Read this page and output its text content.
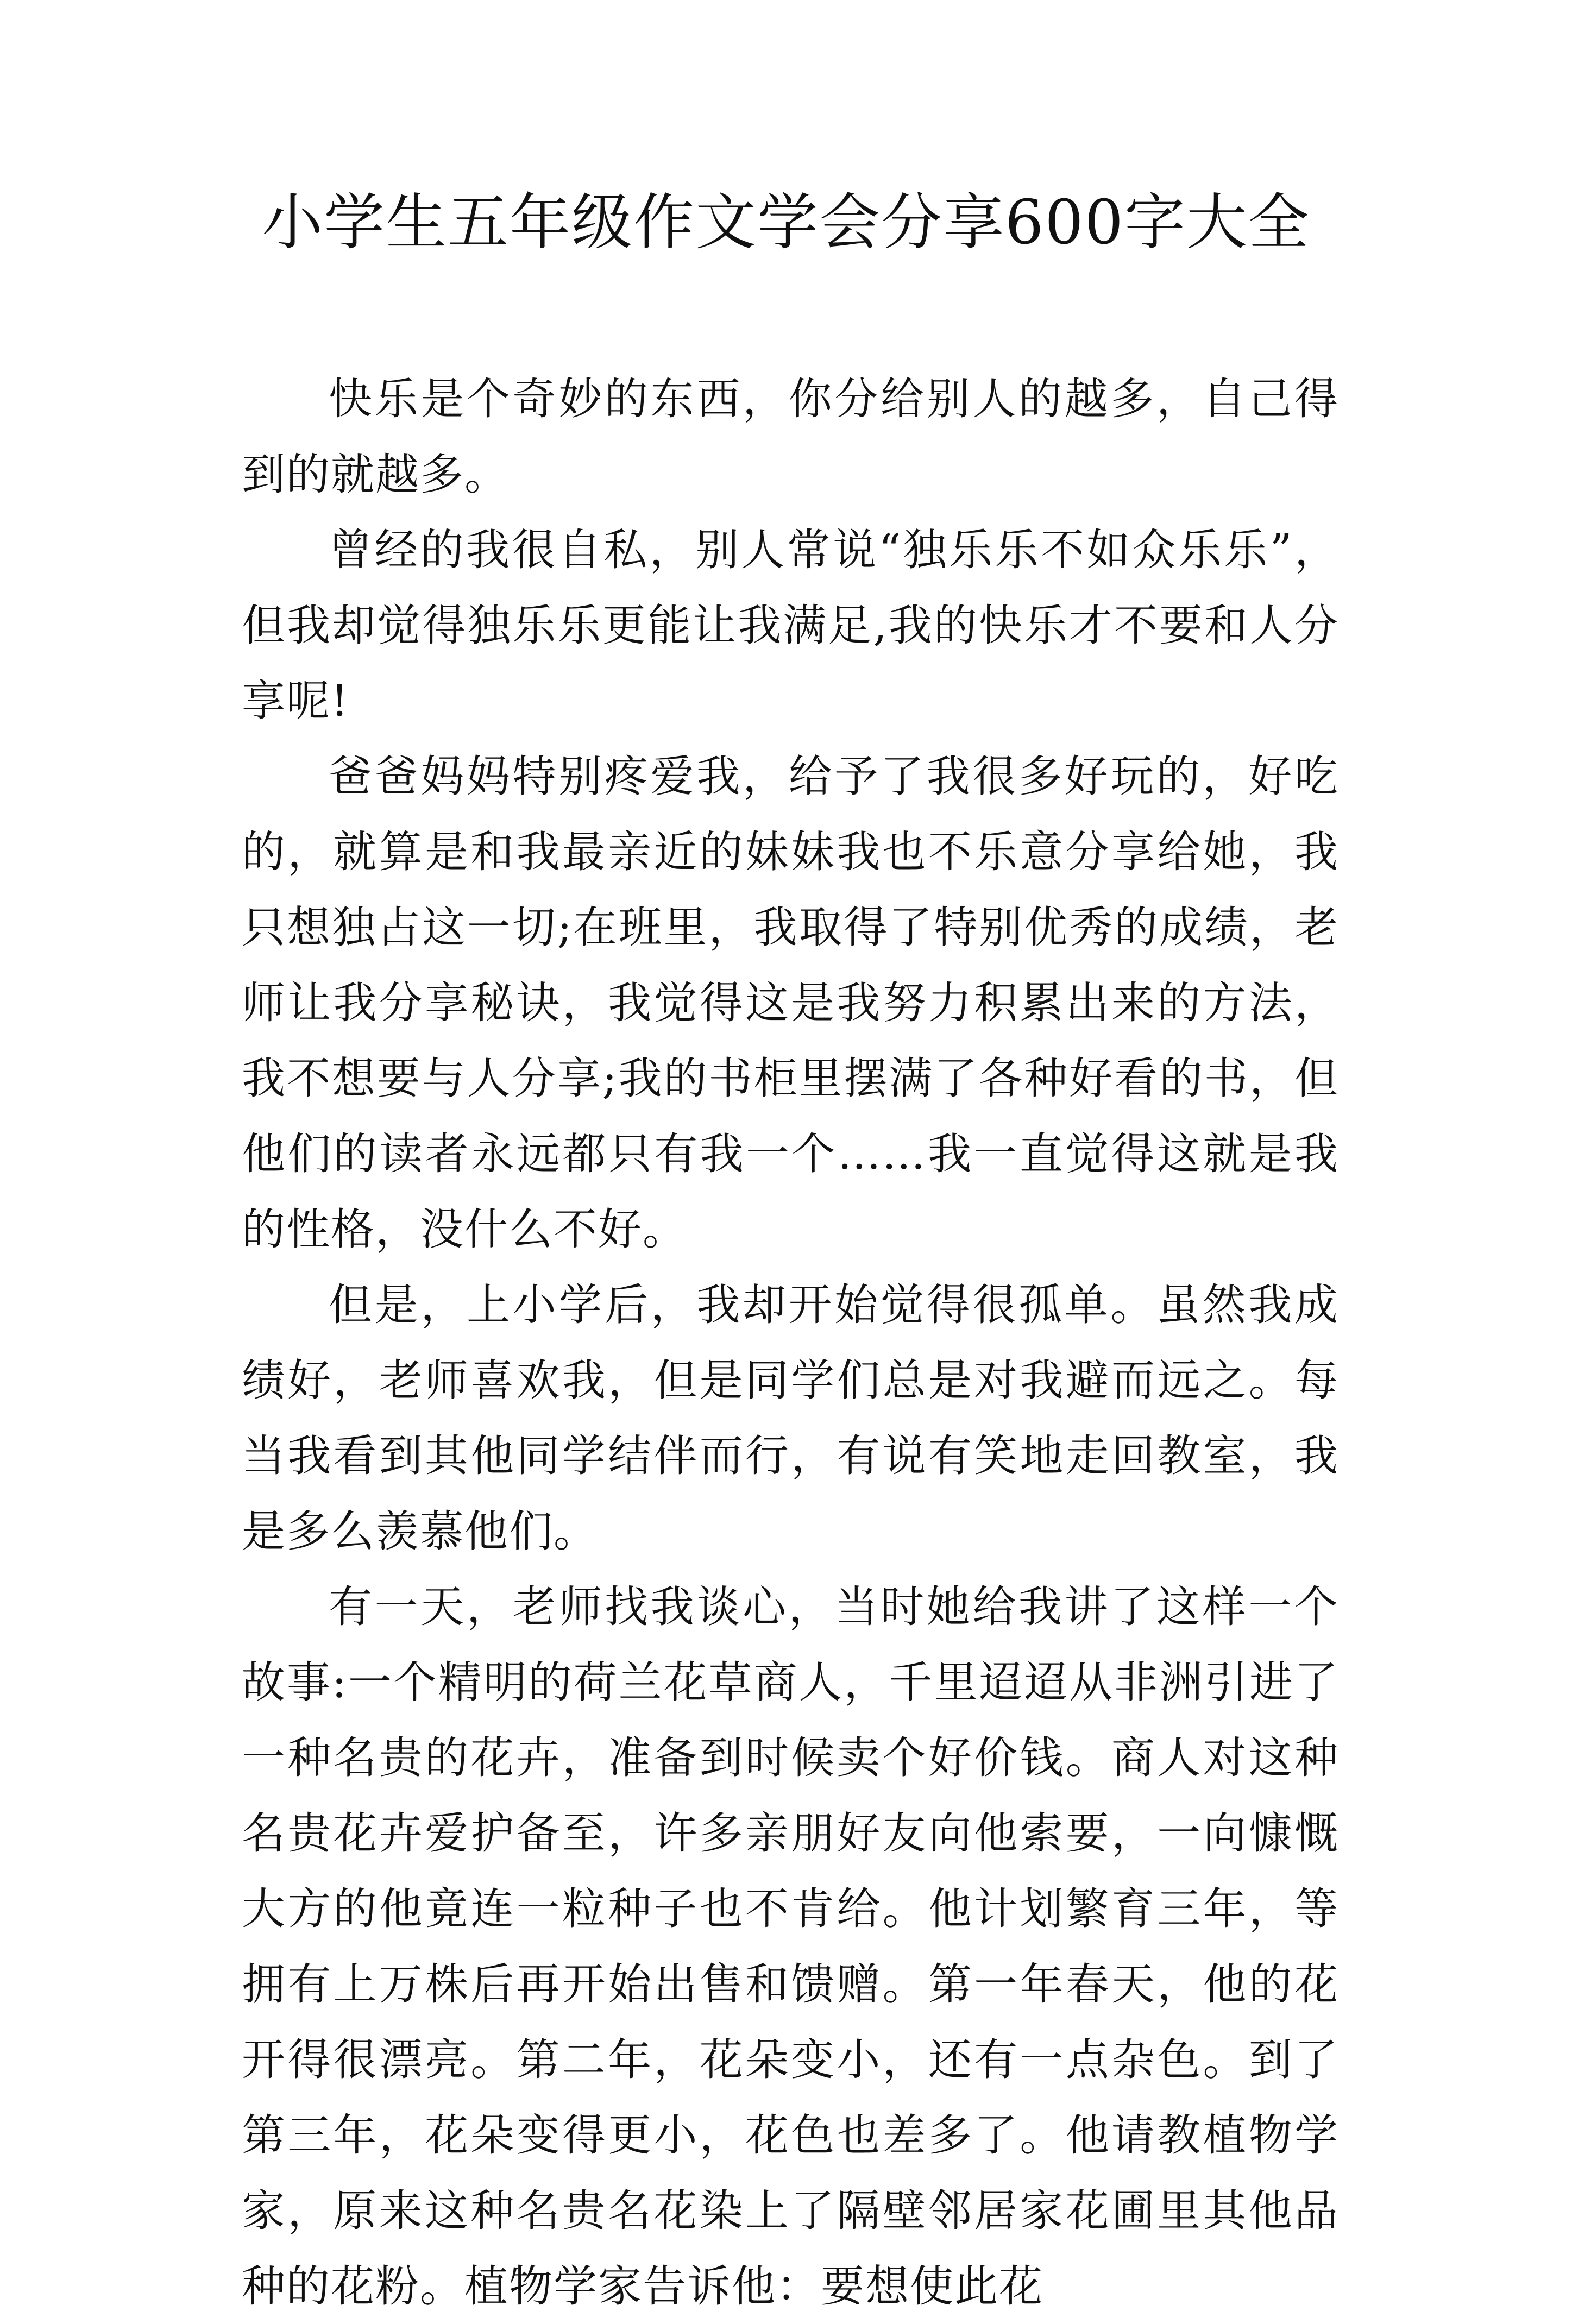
小学生五年级作文学会分享600字大全

快乐是个奇妙的东西，你分给别人的越多，自己得到的就越多。

曾经的我很自私，别人常说“独乐乐不如众乐乐”，但我却觉得独乐乐更能让我满足,我的快乐才不要和人分享呢!

爸爸妈妈特别疼爱我，给予了我很多好玩的，好吃的，就算是和我最亲近的妹妹我也不乐意分享给她，我只想独占这一切;在班里，我取得了特别优秀的成绩，老师让我分享秘诀，我觉得这是我努力积累出来的方法，我不想要与人分享;我的书柜里摆满了各种好看的书，但他们的读者永远都只有我一个……我一直觉得这就是我的性格，没什么不好。

但是，上小学后，我却开始觉得很孤单。虽然我成绩好，老师喜欢我，但是同学们总是对我避而远之。每当我看到其他同学结伴而行，有说有笑地走回教室，我是多么羡慕他们。

有一天，老师找我谈心，当时她给我讲了这样一个故事:一个精明的荷兰花草商人，千里迢迢从非洲引进了一种名贵的花卉，准备到时候卖个好价钱。商人对这种名贵花卉爱护备至，许多亲朋好友向他索要，一向慷慨大方的他竟连一粒种子也不肯给。他计划繁育三年，等拥有上万株后再开始出售和馈赠。第一年春天，他的花开得很漂亮。第二年，花朵变小，还有一点杂色。到了第三年，花朵变得更小，花色也差多了。他请教植物学家，原来这种名贵名花染上了隔壁邻居家花圃里其他品种的花粉。植物学家告诉他：要想使此花
